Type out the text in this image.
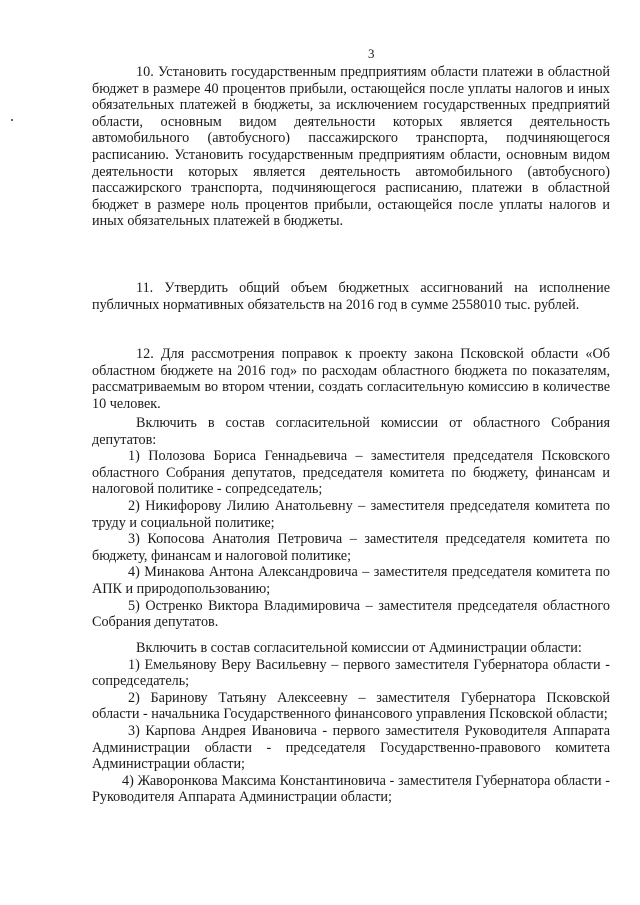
3

10. Установить государственным предприятиям области платежи в областной бюджет в размере 40 процентов прибыли, остающейся после уплаты налогов и иных обязательных платежей в бюджеты, за исключением государственных предприятий области, основным видом деятельности которых является деятельность автомобильного (автобусного) пассажирского транспорта, подчиняющегося расписанию. Установить государственным предприятиям области, основным видом деятельности которых является деятельность автомобильного (автобусного) пассажирского транспорта, подчиняющегося расписанию, платежи в областной бюджет в размере ноль процентов прибыли, остающейся после уплаты налогов и иных обязательных платежей в бюджеты.

11. Утвердить общий объем бюджетных ассигнований на исполнение публичных нормативных обязательств на 2016 год в сумме 2558010 тыс. рублей.

12. Для рассмотрения поправок к проекту закона Псковской области «Об областном бюджете на 2016 год» по расходам областного бюджета по показателям, рассматриваемым во втором чтении, создать согласительную комиссию в количестве 10 человек.

Включить в состав согласительной комиссии от областного Собрания депутатов:

1) Полозова Бориса Геннадьевича – заместителя председателя Псковского областного Собрания депутатов, председателя комитета по бюджету, финансам и налоговой политике - сопредседатель;

2) Никифорову Лилию Анатольевну – заместителя председателя комитета по труду и социальной политике;

3) Копосова Анатолия Петровича – заместителя председателя комитета по бюджету, финансам и налоговой политике;

4) Минакова Антона Александровича – заместителя председателя комитета по АПК и природопользованию;

5) Остренко Виктора Владимировича – заместителя председателя областного Собрания депутатов.

Включить в состав согласительной комиссии от Администрации области:

1) Емельянову Веру Васильевну – первого заместителя Губернатора области - сопредседатель;

2) Баринову Татьяну Алексеевну – заместителя Губернатора Псковской области - начальника Государственного финансового управления Псковской области;

3) Карпова Андрея Ивановича - первого заместителя Руководителя Аппарата Администрации области - председателя Государственно-правового комитета Администрации области;

4) Жаворонкова Максима Константиновича - заместителя Губернатора области - Руководителя Аппарата Администрации области;
